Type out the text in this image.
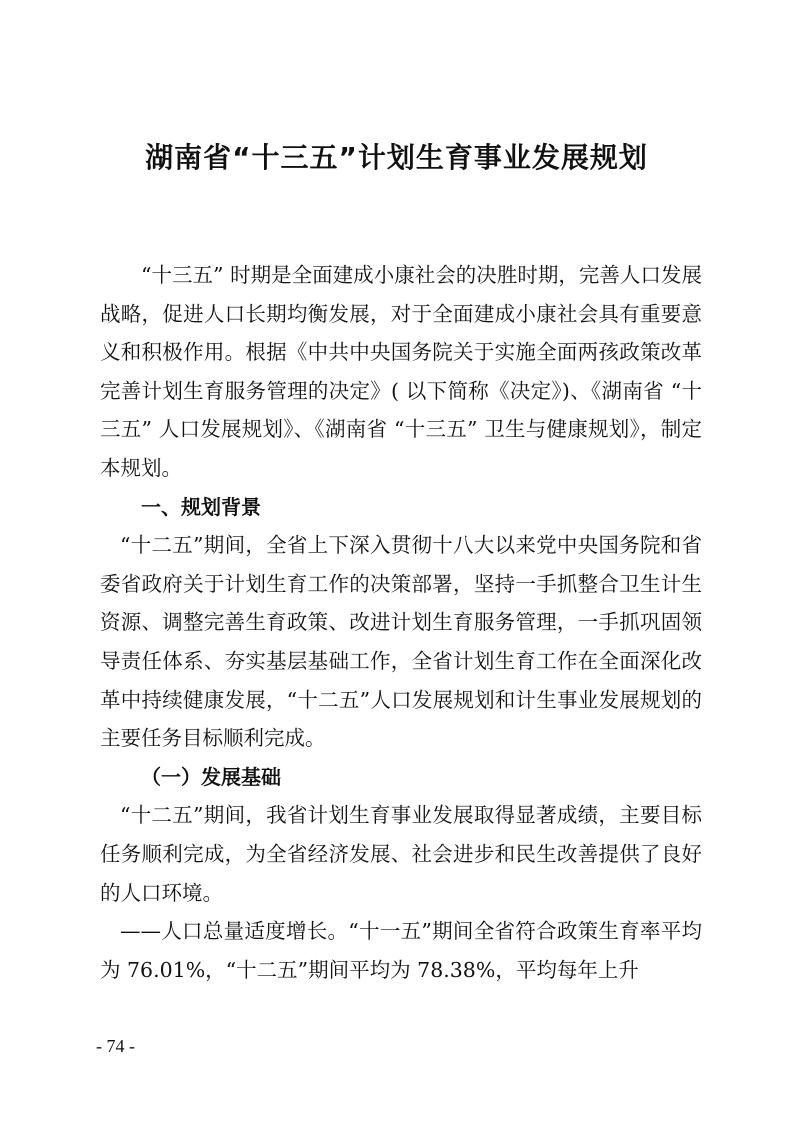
湖南省“十三五”计划生育事业发展规划

“十三五” 时期是全面建成小康社会的决胜时期，完善人口发展战略，促进人口长期均衡发展，对于全面建成小康社会具有重要意义和积极作用。根据《中共中央国务院关于实施全面两孩政策改革完善计划生育服务管理的决定》( 以下简称《决定》)、《湖南省 “十三五” 人口发展规划》、《湖南省 “十三五” 卫生与健康规划》，制定本规划。

一、规划背景

“十二五”期间，全省上下深入贯彻十八大以来党中央国务院和省委省政府关于计划生育工作的决策部署，坚持一手抓整合卫生计生资源、调整完善生育政策、改进计划生育服务管理，一手抓巩固领导责任体系、夯实基层基础工作，全省计划生育工作在全面深化改革中持续健康发展，“十二五”人口发展规划和计生事业发展规划的主要任务目标顺利完成。

（一）发展基础

“十二五”期间，我省计划生育事业发展取得显著成绩，主要目标任务顺利完成，为全省经济发展、社会进步和民生改善提供了良好的人口环境。

——人口总量适度增长。“十一五”期间全省符合政策生育率平均为 76.01%，“十二五”期间平均为 78.38%，平均每年上升

- 74 -
